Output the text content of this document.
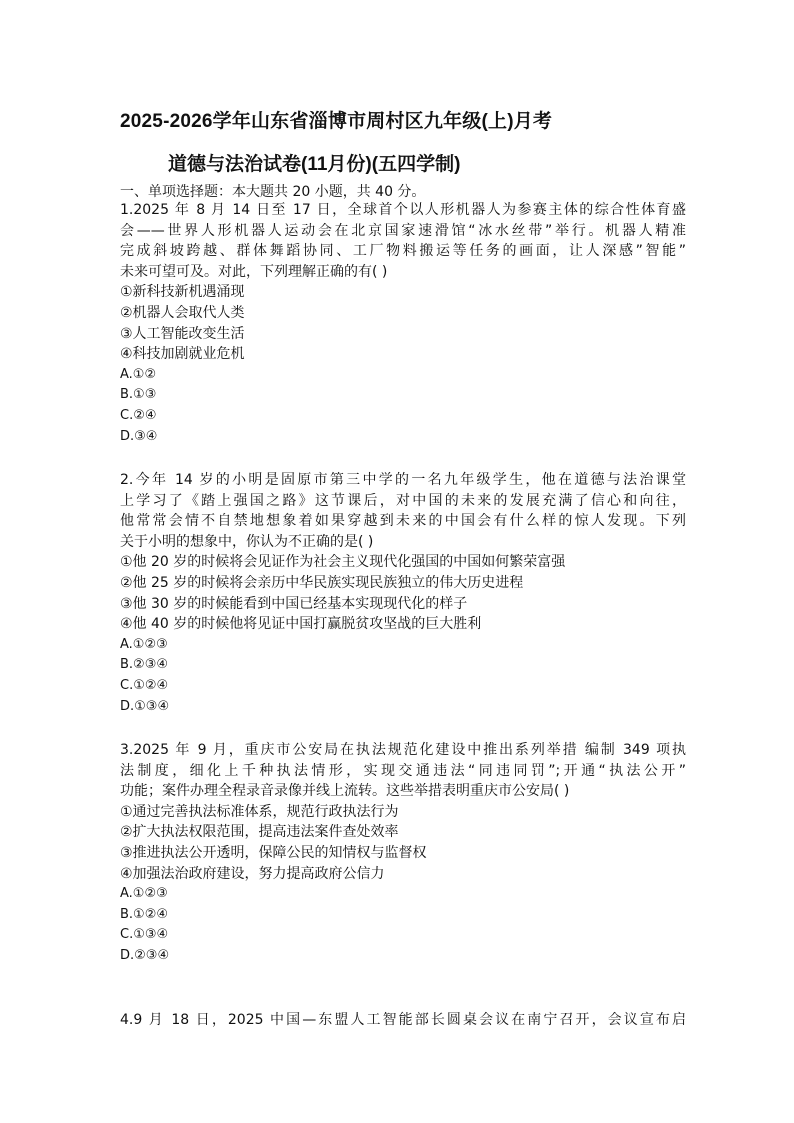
2025-2026学年山东省淄博市周村区九年级(上)月考
道德与法治试卷(11月份)(五四学制)
一、单项选择题：本大题共 20 小题，共 40 分。
1.2025 年 8 月 14 日至 17 日，全球首个以人形机器人为参赛主体的综合性体育盛
会——世界人形机器人运动会在北京国家速滑馆“冰水丝带”举行。机器人精准
完成斜坡跨越、群体舞蹈协同、工厂物料搬运等任务的画面，让人深感”智能”
未来可望可及。对此，下列理解正确的有( )
①新科技新机遇涌现
②机器人会取代人类
③人工智能改变生活
④科技加剧就业危机
A.①②
B.①③
C.②④
D.③④
2.今年 14 岁的小明是固原市第三中学的一名九年级学生，他在道德与法治课堂
上学习了《踏上强国之路》这节课后，对中国的未来的发展充满了信心和向往，
他常常会情不自禁地想象着如果穿越到未来的中国会有什么样的惊人发现。下列
关于小明的想象中，你认为不正确的是( )
①他 20 岁的时候将会见证作为社会主义现代化强国的中国如何繁荣富强
②他 25 岁的时候将会亲历中华民族实现民族独立的伟大历史进程
③他 30 岁的时候能看到中国已经基本实现现代化的样子
④他 40 岁的时候他将见证中国打赢脱贫攻坚战的巨大胜利
A.①②③
B.②③④
C.①②④
D.①③④
3.2025 年 9 月，重庆市公安局在执法规范化建设中推出系列举措 编制 349 项执
法制度，细化上千种执法情形，实现交通违法“同违同罚”;开通“执法公开”
功能；案件办理全程录音录像并线上流转。这些举措表明重庆市公安局( )
①通过完善执法标准体系，规范行政执法行为
②扩大执法权限范围，提高违法案件查处效率
③推进执法公开透明，保障公民的知情权与监督权
④加强法治政府建设，努力提高政府公信力
A.①②③
B.①②④
C.①③④
D.②③④
4.9 月 18 日，2025 中国—东盟人工智能部长圆桌会议在南宁召开，会议宣布启
